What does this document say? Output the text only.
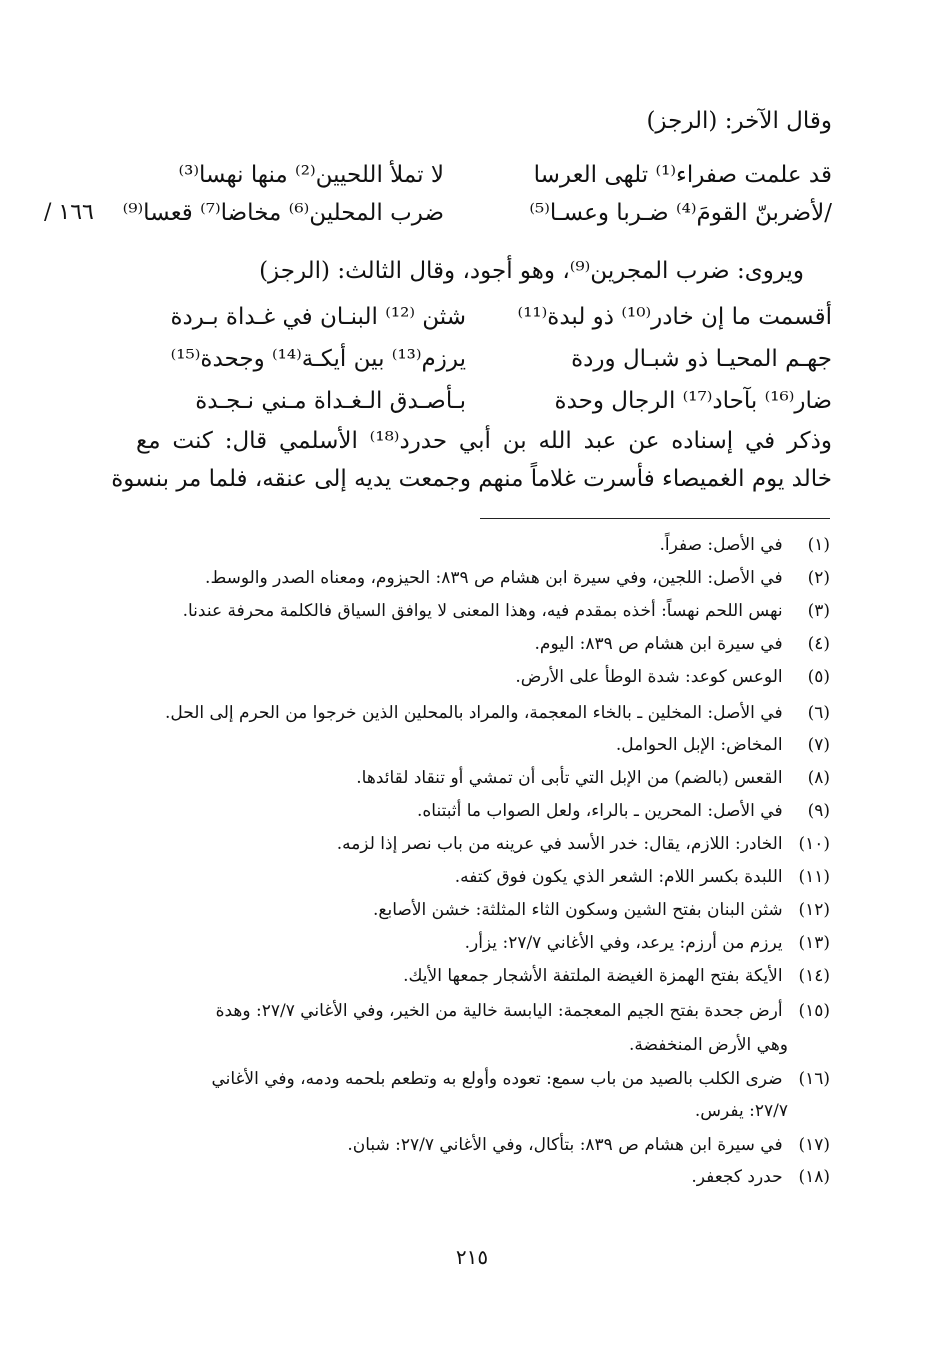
وقال الآخر: (الرجز)
قد علمت صفراء⁽¹⁾ تلهى العرسا
لا تملأ اللحيين⁽²⁾ منها نهسا⁽³⁾
/لأضربنّ القومَ⁽⁴⁾ ضـربا وعسـا⁽⁵⁾
ضرب المحلين⁽⁶⁾ مخاضا⁽⁷⁾ قعسا⁽⁹⁾
/ ١٦٦
ويروى: ضرب المجرين⁽⁹⁾، وهو أجود، وقال الثالث: (الرجز)
أقسمت ما إن خادر⁽¹⁰⁾ ذو لبدة⁽¹¹⁾
شثن ⁽¹²⁾ البنـان في غـداة بـردة
جهـم المحيـا ذو شبـال وردة
يرزم⁽¹³⁾ بين أيكـة⁽¹⁴⁾ وجحدة⁽¹⁵⁾
ضار⁽¹⁶⁾ بآحاد⁽¹⁷⁾ الرجال وحدة
بـأصـدق الـغـداة مـني نـجـدة
وذكر في إسناده عن عبد الله بن أبي حدرد⁽¹⁸⁾ الأسلمي قال: كنت مع
خالد يوم الغميصاء فأسرت غلاماً منهم وجمعت يديه إلى عنقه، فلما مر بنسوة
(١) في الأصل: صفراً.
(٢) في الأصل: اللجين، وفي سيرة ابن هشام ص ٨٣٩: الحيزوم، ومعناه الصدر والوسط.
(٣) نهس اللحم نهساً: أخذه بمقدم فيه، وهذا المعنى لا يوافق السياق فالكلمة محرفة عندنا.
(٤) في سيرة ابن هشام ص ٨٣٩: اليوم.
(٥) الوعس كوعد: شدة الوطأ على الأرض.
(٦) في الأصل: المخلين ـ بالخاء المعجمة، والمراد بالمحلين الذين خرجوا من الحرم إلى الحل.
(٧) المخاض: الإبل الحوامل.
(٨) القعس (بالضم) من الإبل التي تأبى أن تمشي أو تنقاد لقائدها.
(٩) في الأصل: المحرين ـ بالراء، ولعل الصواب ما أثبتناه.
(١٠) الخادر: اللازم، يقال: خدر الأسد في عرينه من باب نصر إذا لزمه.
(١١) اللبدة بكسر اللام: الشعر الذي يكون فوق كتفه.
(١٢) شثن البنان بفتح الشين وسكون الثاء المثلثة: خشن الأصابع.
(١٣) يرزم من أرزم: يرعد، وفي الأغاني ٢٧/٧: يزأر.
(١٤) الأيكة بفتح الهمزة الغيضة الملتفة الأشجار جمعها الأيك.
(١٥) أرض جحدة بفتح الجيم المعجمة: اليابسة خالية من الخير، وفي الأغاني ٢٧/٧: وهدة
وهي الأرض المنخفضة.
(١٦) ضرى الكلب بالصيد من باب سمع: تعوده وأولع به وتطعم بلحمه ودمه، وفي الأغاني
٢٧/٧: يفرس.
(١٧) في سيرة ابن هشام ص ٨٣٩: بتأكال، وفي الأغاني ٢٧/٧: شبان.
(١٨) حدرد كجعفر.
٢١٥
